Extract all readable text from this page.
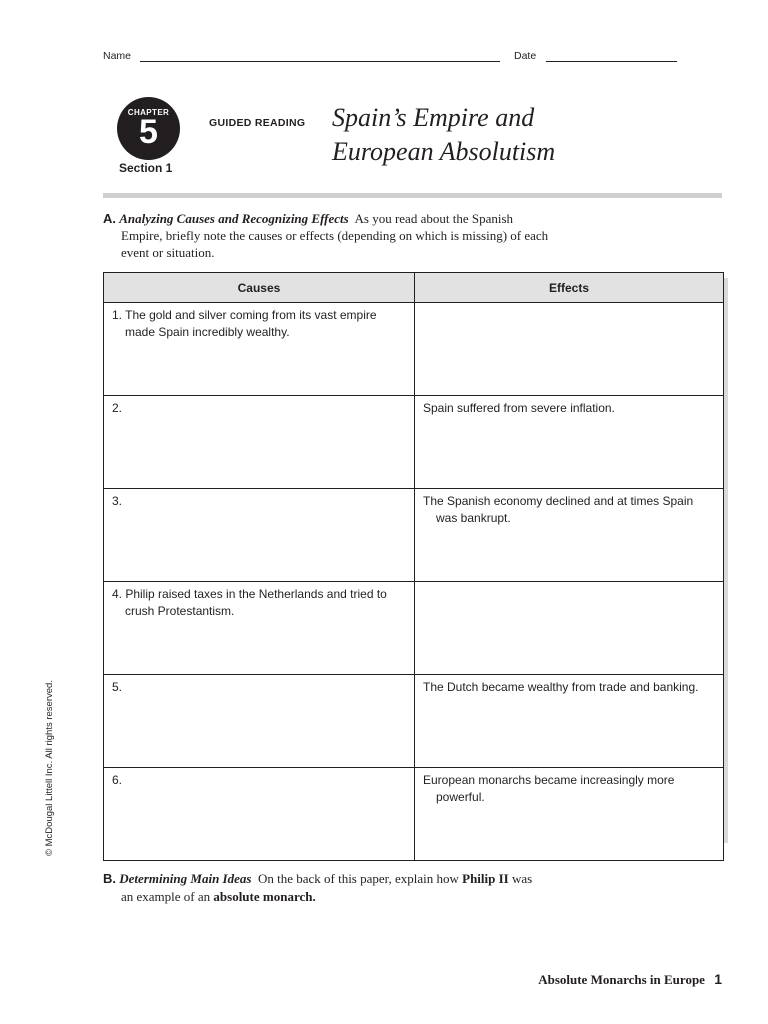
Name	Date
CHAPTER
5
Section 1
GUIDED READING Spain’s Empire and
European Absolutism
A. Analyzing Causes and Recognizing Effects As you read about the Spanish
Empire, briefly note the causes or effects (depending on which is missing) of each
event or situation.
Causes	Effects

1. The gold and silver coming from its vast empire made Spain incredibly wealthy.	

2.	Spain suffered from severe inflation.

3.	The Spanish economy declined and at times Spain was bankrupt.

4. Philip raised taxes in the Netherlands and tried to crush Protestantism.	

5.	The Dutch became wealthy from trade and banking.

6.	European monarchs became increasingly more powerful.
© McDougal Littell Inc. All rights reserved.
B. Determining Main Ideas On the back of this paper, explain how Philip II was
an example of an absolute monarch.
Absolute Monarchs in Europe 1
